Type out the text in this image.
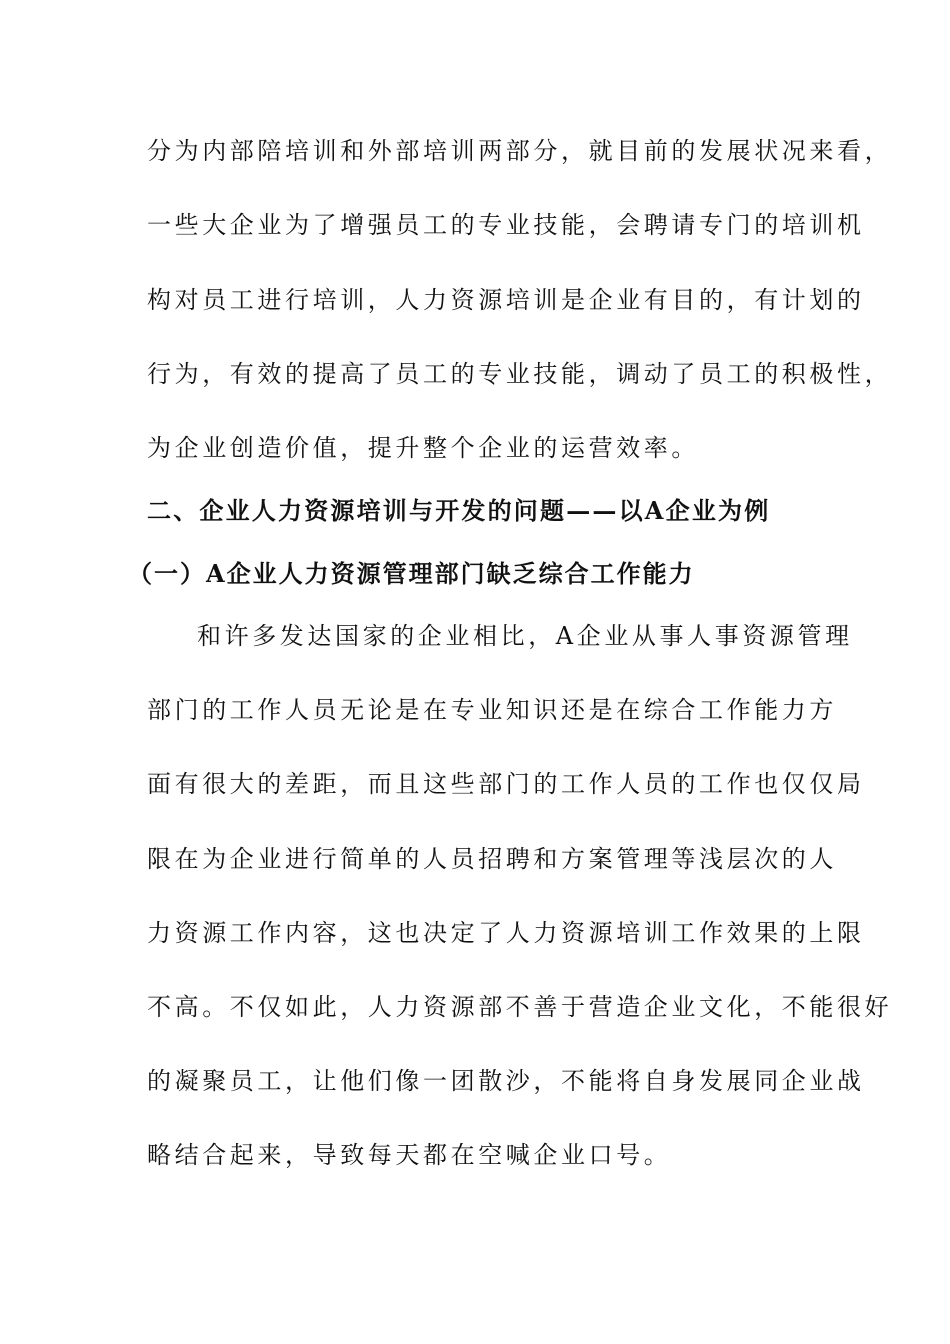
分为内部陪培训和外部培训两部分，就目前的发展状况来看，
一些大企业为了增强员工的专业技能，会聘请专门的培训机
构对员工进行培训，人力资源培训是企业有目的，有计划的
行为，有效的提高了员工的专业技能，调动了员工的积极性，
为企业创造价值，提升整个企业的运营效率。
二、企业人力资源培训与开发的问题——以A企业为例
（一）A企业人力资源管理部门缺乏综合工作能力
和许多发达国家的企业相比，A企业从事人事资源管理
部门的工作人员无论是在专业知识还是在综合工作能力方
面有很大的差距，而且这些部门的工作人员的工作也仅仅局
限在为企业进行简单的人员招聘和方案管理等浅层次的人
力资源工作内容，这也决定了人力资源培训工作效果的上限
不高。不仅如此，人力资源部不善于营造企业文化，不能很好
的凝聚员工，让他们像一团散沙，不能将自身发展同企业战
略结合起来，导致每天都在空喊企业口号。
